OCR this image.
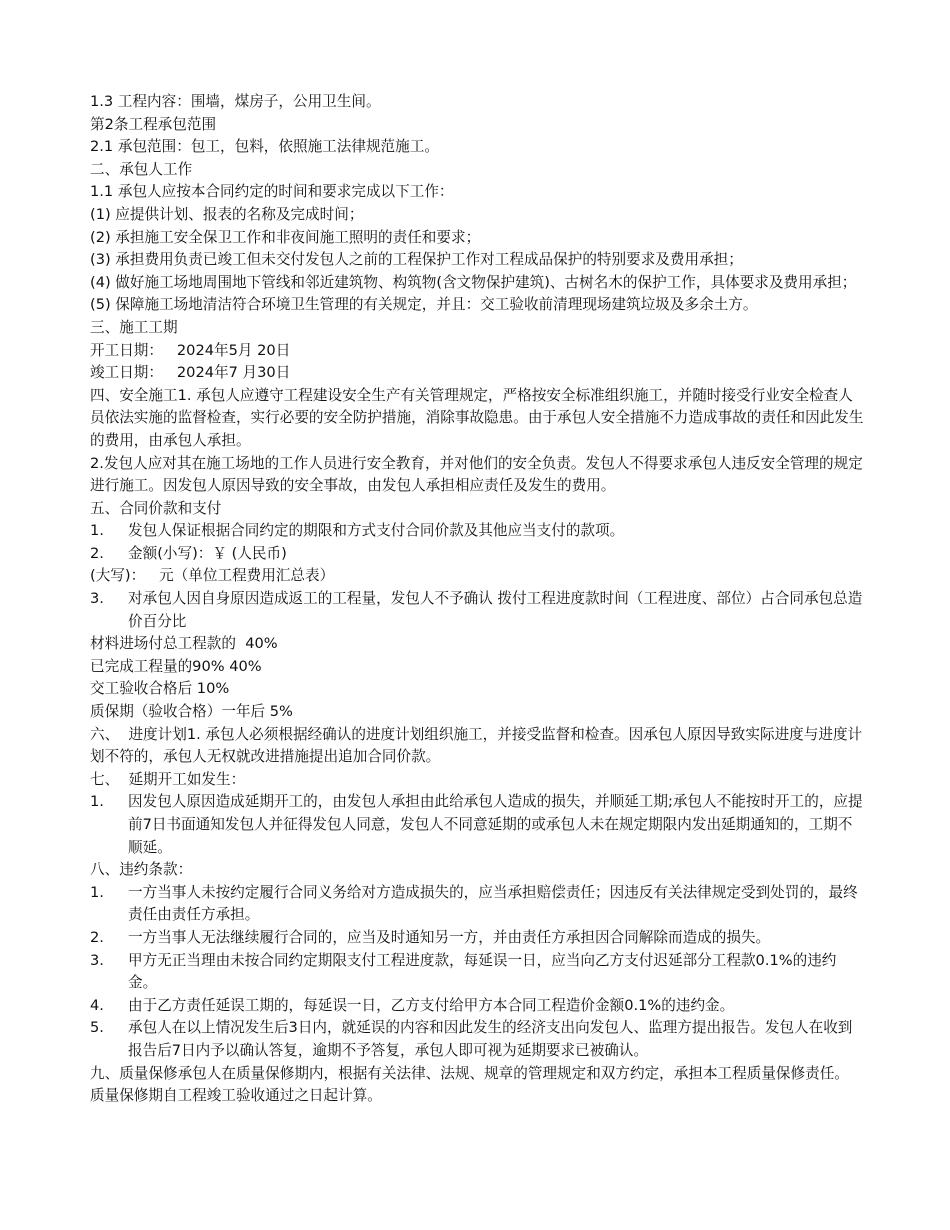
1.3 工程内容：围墙，煤房子，公用卫生间。
第2条工程承包范围
2.1 承包范围：包工，包料，依照施工法律规范施工。
二、承包人工作
1.1 承包人应按本合同约定的时间和要求完成以下工作：
(1) 应提供计划、报表的名称及完成时间；
(2) 承担施工安全保卫工作和非夜间施工照明的责任和要求；
(3) 承担费用负责已竣工但未交付发包人之前的工程保护工作对工程成品保护的特别要求及费用承担；
(4) 做好施工场地周围地下管线和邻近建筑物、构筑物(含文物保护建筑)、古树名木的保护工作，具体要求及费用承担；
(5) 保障施工场地清洁符合环境卫生管理的有关规定，并且：交工验收前清理现场建筑垃圾及多余土方。
三、施工工期
开工日期：   2024年5月 20日
竣工日期：   2024年7 月30日
四、安全施工1. 承包人应遵守工程建设安全生产有关管理规定，严格按安全标准组织施工，并随时接受行业安全检查人员依法实施的监督检查，实行必要的安全防护措施，消除事故隐患。由于承包人安全措施不力造成事故的责任和因此发生的费用，由承包人承担。
2.发包人应对其在施工场地的工作人员进行安全教育，并对他们的安全负责。发包人不得要求承包人违反安全管理的规定进行施工。因发包人原因导致的安全事故，由发包人承担相应责任及发生的费用。
五、合同价款和支付
1.	发包人保证根据合同约定的期限和方式支付合同价款及其他应当支付的款项。
2.	金额(小写)：￥ (人民币)
(大写)：   元（单位工程费用汇总表）
3.	对承包人因自身原因造成返工的工程量，发包人不予确认 拨付工程进度款时间（工程进度、部位）占合同承包总造价百分比
材料进场付总工程款的  40%
已完成工程量的90% 40%
交工验收合格后 10%
质保期（验收合格）一年后 5%
六、  进度计划1. 承包人必须根据经确认的进度计划组织施工，并接受监督和检查。因承包人原因导致实际进度与进度计划不符的，承包人无权就改进措施提出追加合同价款。
七、  延期开工如发生：
1.	因发包人原因造成延期开工的，由发包人承担由此给承包人造成的损失，并顺延工期;承包人不能按时开工的，应提前7日书面通知发包人并征得发包人同意，发包人不同意延期的或承包人未在规定期限内发出延期通知的，工期不顺延。
八、违约条款：
1.	一方当事人未按约定履行合同义务给对方造成损失的，应当承担赔偿责任；因违反有关法律规定受到处罚的，最终责任由责任方承担。
2.	一方当事人无法继续履行合同的，应当及时通知另一方，并由责任方承担因合同解除而造成的损失。
3.	甲方无正当理由未按合同约定期限支付工程进度款，每延误一日，应当向乙方支付迟延部分工程款0.1%的违约金。
4.	由于乙方责任延误工期的，每延误一日，乙方支付给甲方本合同工程造价金额0.1%的违约金。
5.	承包人在以上情况发生后3日内，就延误的内容和因此发生的经济支出向发包人、监理方提出报告。发包人在收到报告后7日内予以确认答复，逾期不予答复，承包人即可视为延期要求已被确认。
九、质量保修承包人在质量保修期内，根据有关法律、法规、规章的管理规定和双方约定，承担本工程质量保修责任。
质量保修期自工程竣工验收通过之日起计算。
